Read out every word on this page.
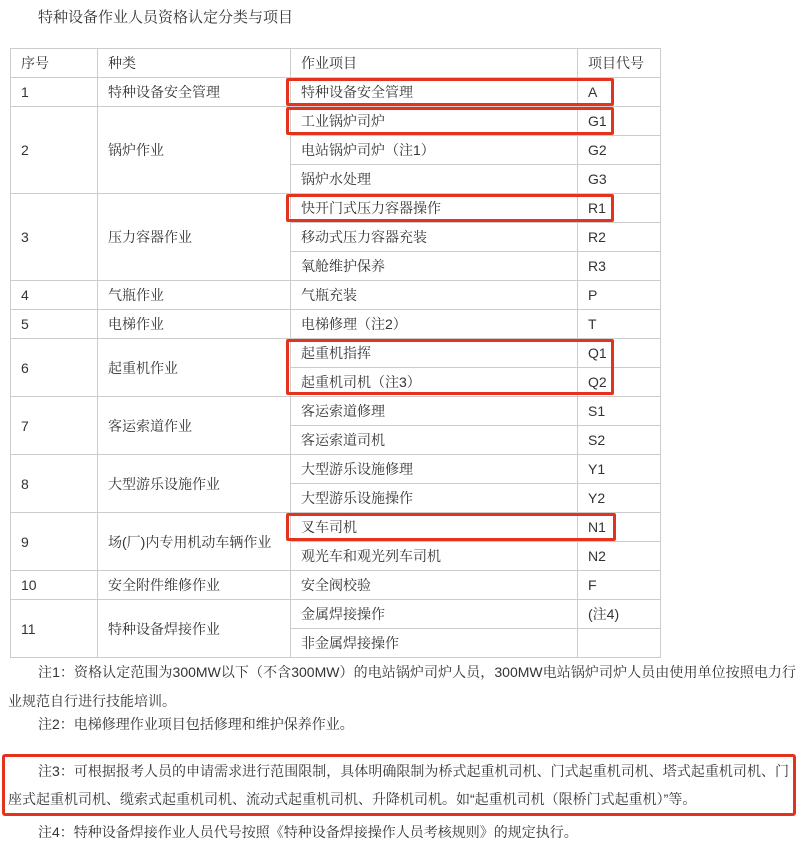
特种设备作业人员资格认定分类与项目
序号	种类	作业项目	项目代号
1	特种设备安全管理	特种设备安全管理	A
2	锅炉作业	工业锅炉司炉	G1
		电站锅炉司炉（注1）	G2
		锅炉水处理	G3
3	压力容器作业	快开门式压力容器操作	R1
		移动式压力容器充装	R2
		氧舱维护保养	R3
4	气瓶作业	气瓶充装	P
5	电梯作业	电梯修理（注2）	T
6	起重机作业	起重机指挥	Q1
		起重机司机（注3）	Q2
7	客运索道作业	客运索道修理	S1
		客运索道司机	S2
8	大型游乐设施作业	大型游乐设施修理	Y1
		大型游乐设施操作	Y2
9	场(厂)内专用机动车辆作业	叉车司机	N1
		观光车和观光列车司机	N2
10	安全附件维修作业	安全阀校验	F
11	特种设备焊接作业	金属焊接操作	(注4)
		非金属焊接操作	

注1：资格认定范围为300MW以下（不含300MW）的电站锅炉司炉人员，300MW电站锅炉司炉人员由使用单位按照电力行业规范自行进行技能培训。

注2：电梯修理作业项目包括修理和维护保养作业。

注3：可根据报考人员的申请需求进行范围限制，具体明确限制为桥式起重机司机、门式起重机司机、塔式起重机司机、门座式起重机司机、缆索式起重机司机、流动式起重机司机、升降机司机。如“起重机司机（限桥门式起重机）”等。

注4：特种设备焊接作业人员代号按照《特种设备焊接操作人员考核规则》的规定执行。
